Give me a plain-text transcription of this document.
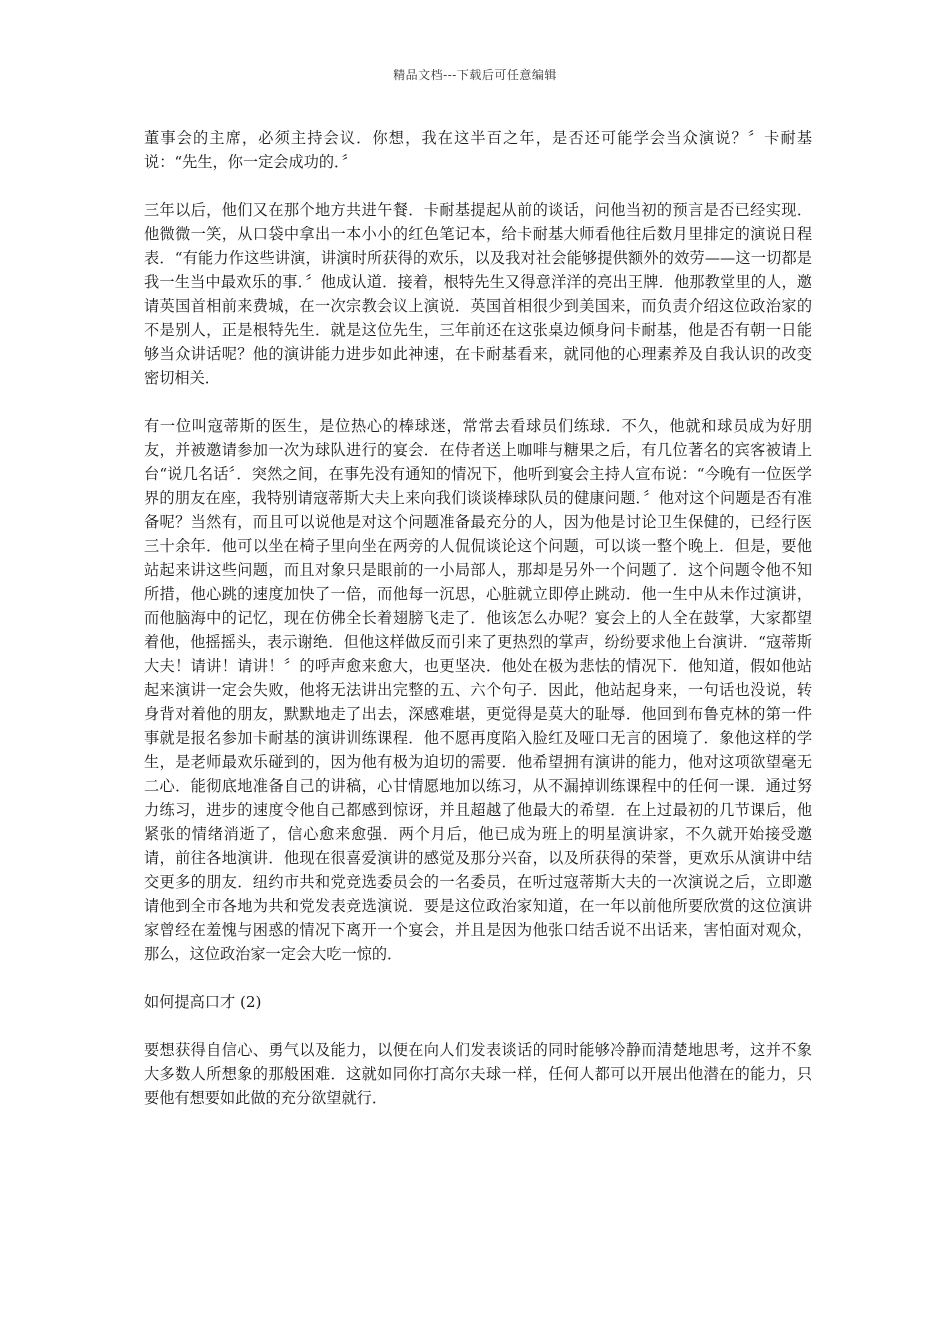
精品文档---下载后可任意编辑

董事会的主席，必须主持会议．你想，我在这半百之年，是否还可能学会当众演说？〞卡耐基说：“先生，你一定会成功的．〞

三年以后，他们又在那个地方共进午餐．卡耐基提起从前的谈话，问他当初的预言是否已经实现．他微微一笑，从口袋中拿出一本小小的红色笔记本，给卡耐基大师看他往后数月里排定的演说日程表．“有能力作这些讲演，讲演时所获得的欢乐，以及我对社会能够提供额外的效劳——这一切都是我一生当中最欢乐的事．〞他成认道．接着，根特先生又得意洋洋的亮出王牌．他那教堂里的人，邀请英国首相前来费城，在一次宗教会议上演说．英国首相很少到美国来，而负责介绍这位政治家的不是别人，正是根特先生．就是这位先生，三年前还在这张桌边倾身问卡耐基，他是否有朝一日能够当众讲话呢？他的演讲能力进步如此神速，在卡耐基看来，就同他的心理素养及自我认识的改变密切相关．

有一位叫寇蒂斯的医生，是位热心的棒球迷，常常去看球员们练球．不久，他就和球员成为好朋友，并被邀请参加一次为球队进行的宴会．在侍者送上咖啡与糖果之后，有几位著名的宾客被请上台“说几名话〞．突然之间，在事先没有通知的情况下，他听到宴会主持人宣布说：“今晚有一位医学界的朋友在座，我特别请寇蒂斯大夫上来向我们谈谈棒球队员的健康问题．〞他对这个问题是否有准备呢？当然有，而且可以说他是对这个问题准备最充分的人，因为他是讨论卫生保健的，已经行医三十余年．他可以坐在椅子里向坐在两旁的人侃侃谈论这个问题，可以谈一整个晚上．但是，要他站起来讲这些问题，而且对象只是眼前的一小局部人，那却是另外一个问题了．这个问题令他不知所措，他心跳的速度加快了一倍，而他每一沉思，心脏就立即停止跳动．他一生中从未作过演讲，而他脑海中的记忆，现在仿佛全长着翅膀飞走了．他该怎么办呢？宴会上的人全在鼓掌，大家都望着他，他摇摇头，表示谢绝．但他这样做反而引来了更热烈的掌声，纷纷要求他上台演讲．“寇蒂斯大夫！请讲！请讲！〞的呼声愈来愈大，也更坚决．他处在极为悲怯的情况下．他知道，假如他站起来演讲一定会失败，他将无法讲出完整的五、六个句子．因此，他站起身来，一句话也没说，转身背对着他的朋友，默默地走了出去，深感难堪，更觉得是莫大的耻辱．他回到布鲁克林的第一件事就是报名参加卡耐基的演讲训练课程．他不愿再度陷入脸红及哑口无言的困境了．象他这样的学生，是老师最欢乐碰到的，因为他有极为迫切的需要．他希望拥有演讲的能力，他对这项欲望毫无二心．能彻底地准备自己的讲稿，心甘情愿地加以练习，从不漏掉训练课程中的任何一课．通过努力练习，进步的速度令他自己都感到惊讶，并且超越了他最大的希望．在上过最初的几节课后，他紧张的情绪消逝了，信心愈来愈强．两个月后，他已成为班上的明星演讲家，不久就开始接受邀请，前往各地演讲．他现在很喜爱演讲的感觉及那分兴奋，以及所获得的荣誉，更欢乐从演讲中结交更多的朋友．纽约市共和党竞选委员会的一名委员，在听过寇蒂斯大夫的一次演说之后，立即邀请他到全市各地为共和党发表竞选演说．要是这位政治家知道，在一年以前他所要欣赏的这位演讲家曾经在羞愧与困惑的情况下离开一个宴会，并且是因为他张口结舌说不出话来，害怕面对观众，那么，这位政治家一定会大吃一惊的．

如何提高口才 (2)

要想获得自信心、勇气以及能力，以便在向人们发表谈话的同时能够冷静而清楚地思考，这并不象大多数人所想象的那般困难．这就如同你打高尔夫球一样，任何人都可以开展出他潜在的能力，只要他有想要如此做的充分欲望就行．
